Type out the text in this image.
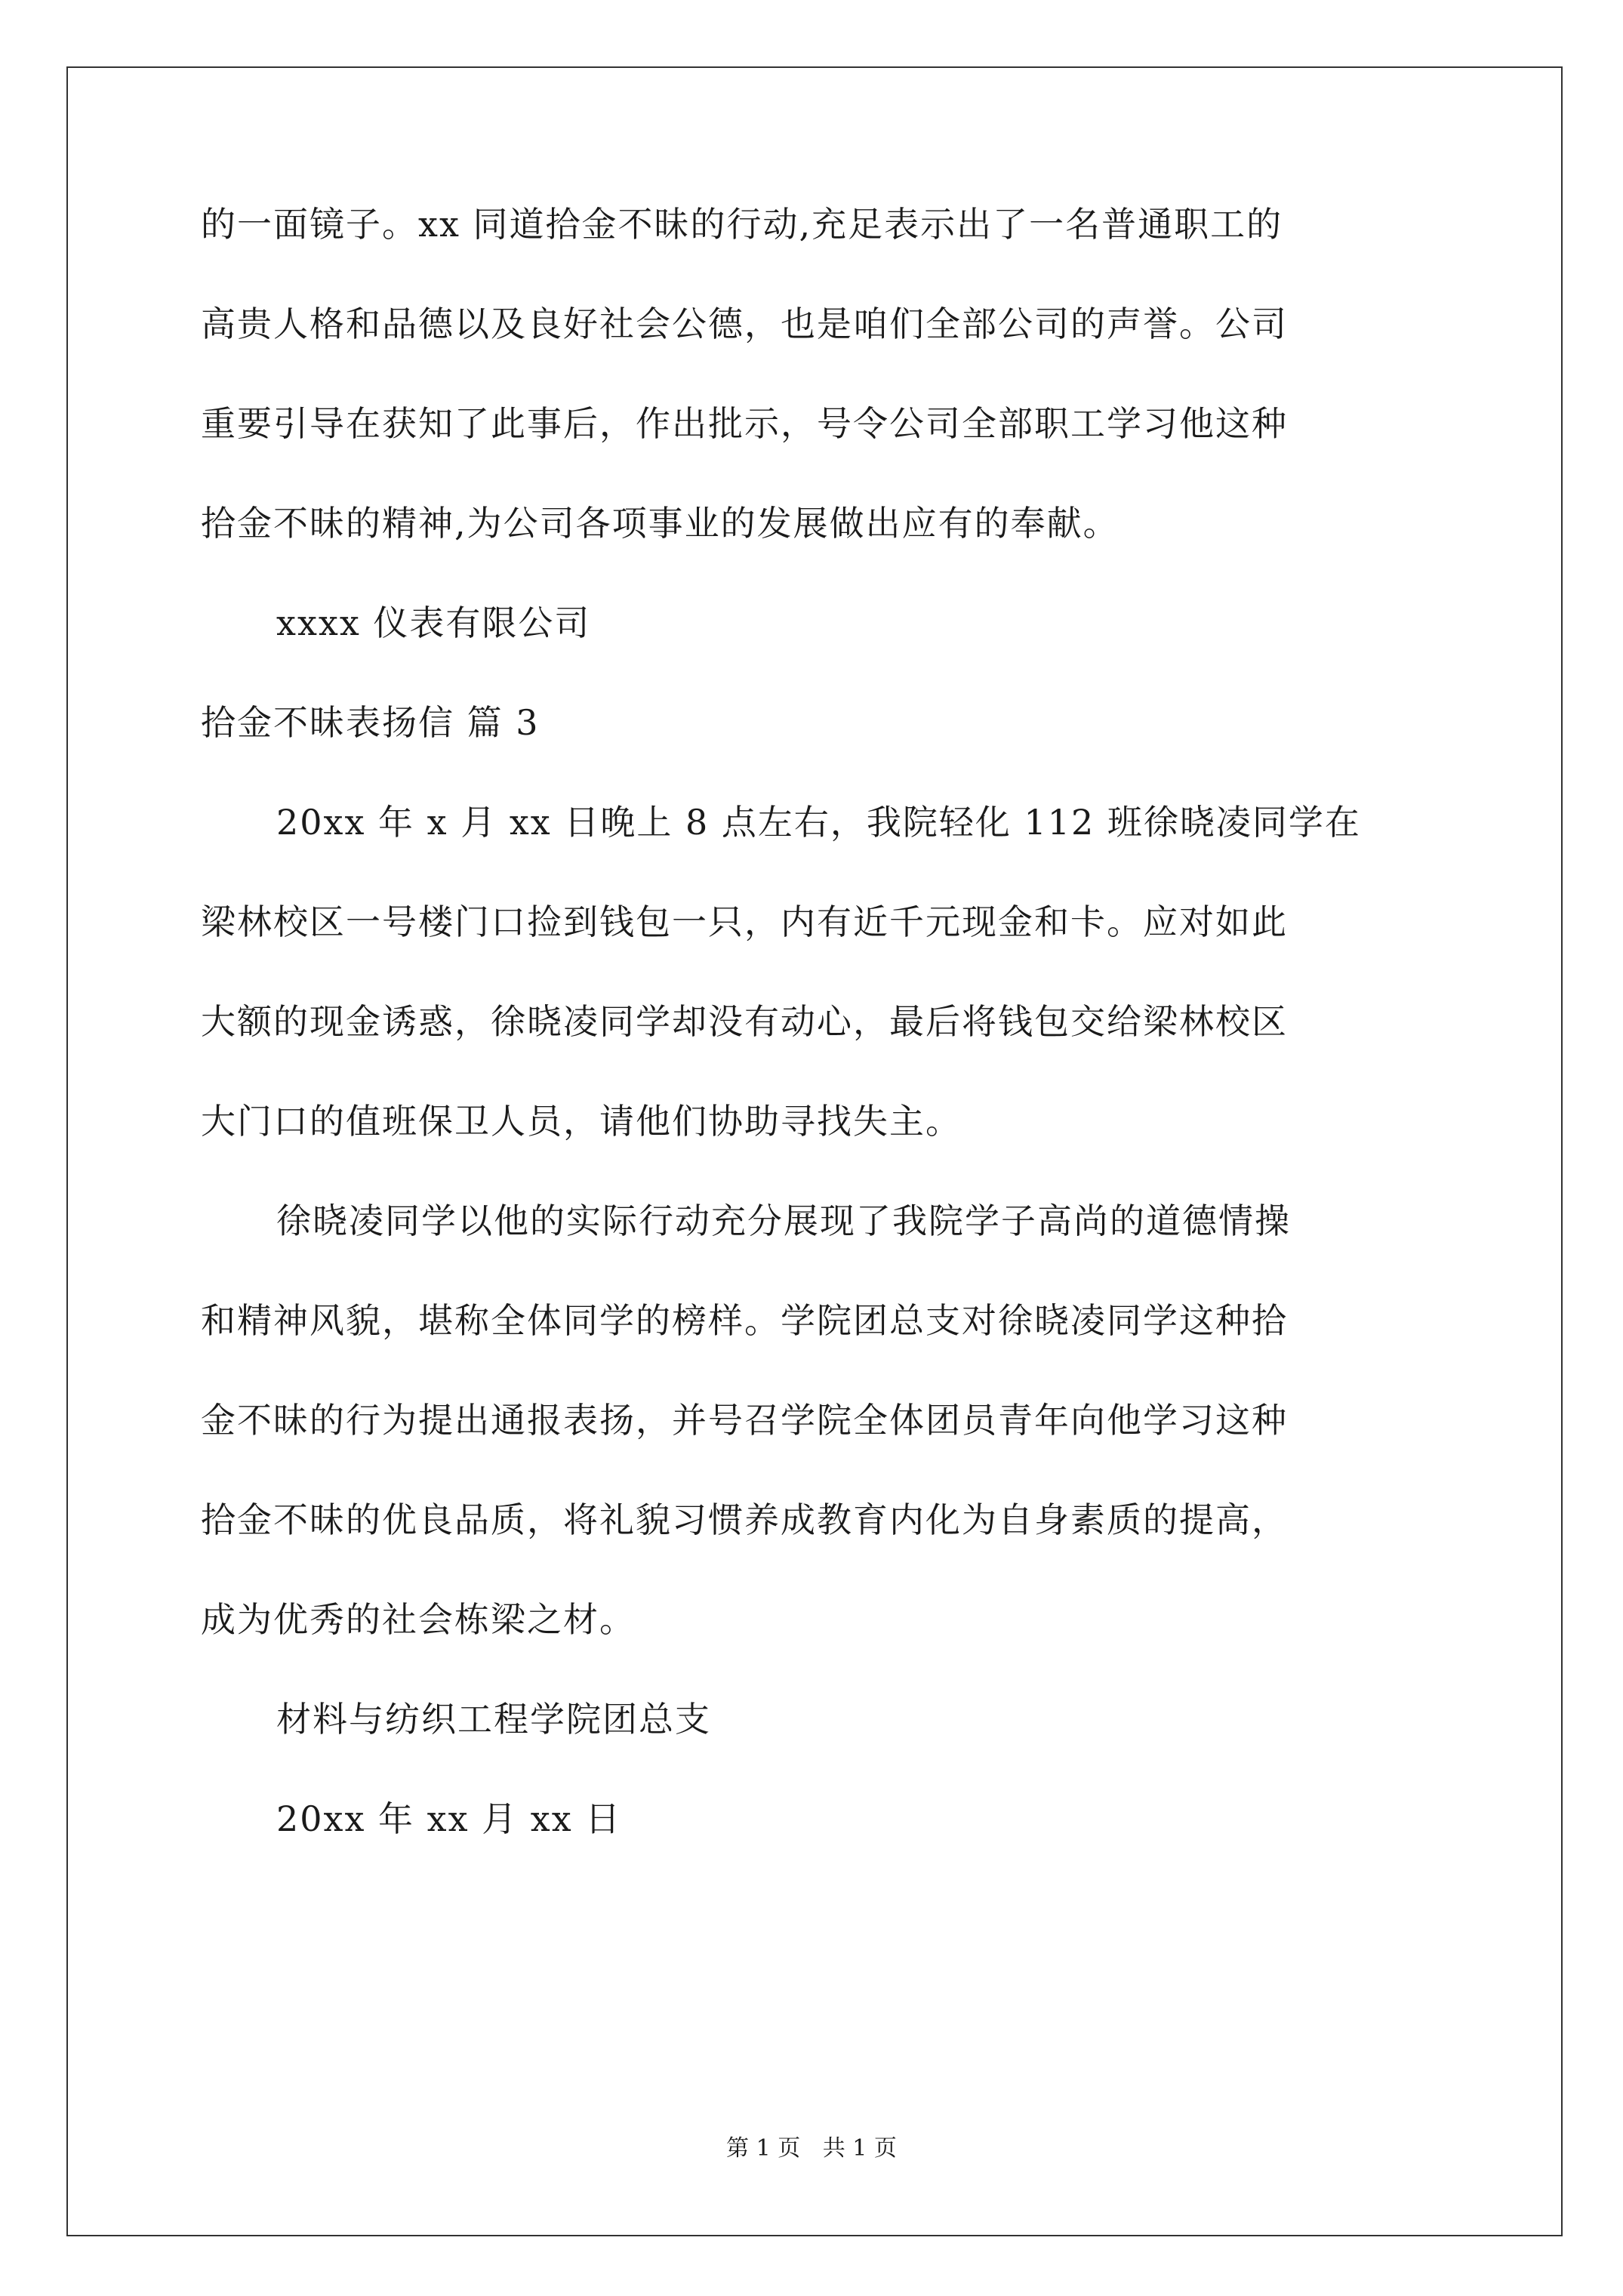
的一面镜子。xx 同道拾金不昧的行动,充足表示出了一名普通职工的

高贵人格和品德以及良好社会公德，也是咱们全部公司的声誉。公司

重要引导在获知了此事后，作出批示，号令公司全部职工学习他这种

拾金不昧的精神,为公司各项事业的发展做出应有的奉献。

xxxx 仪表有限公司

拾金不昧表扬信 篇 3

20xx 年 x 月 xx 日晚上 8 点左右，我院轻化 112 班徐晓凌同学在

梁林校区一号楼门口捡到钱包一只，内有近千元现金和卡。应对如此

大额的现金诱惑，徐晓凌同学却没有动心，最后将钱包交给梁林校区

大门口的值班保卫人员，请他们协助寻找失主。

徐晓凌同学以他的实际行动充分展现了我院学子高尚的道德情操

和精神风貌，堪称全体同学的榜样。学院团总支对徐晓凌同学这种拾

金不昧的行为提出通报表扬，并号召学院全体团员青年向他学习这种

拾金不昧的优良品质，将礼貌习惯养成教育内化为自身素质的提高，

成为优秀的社会栋梁之材。

材料与纺织工程学院团总支

20xx 年 xx 月 xx 日

第 1 页 共 1 页
